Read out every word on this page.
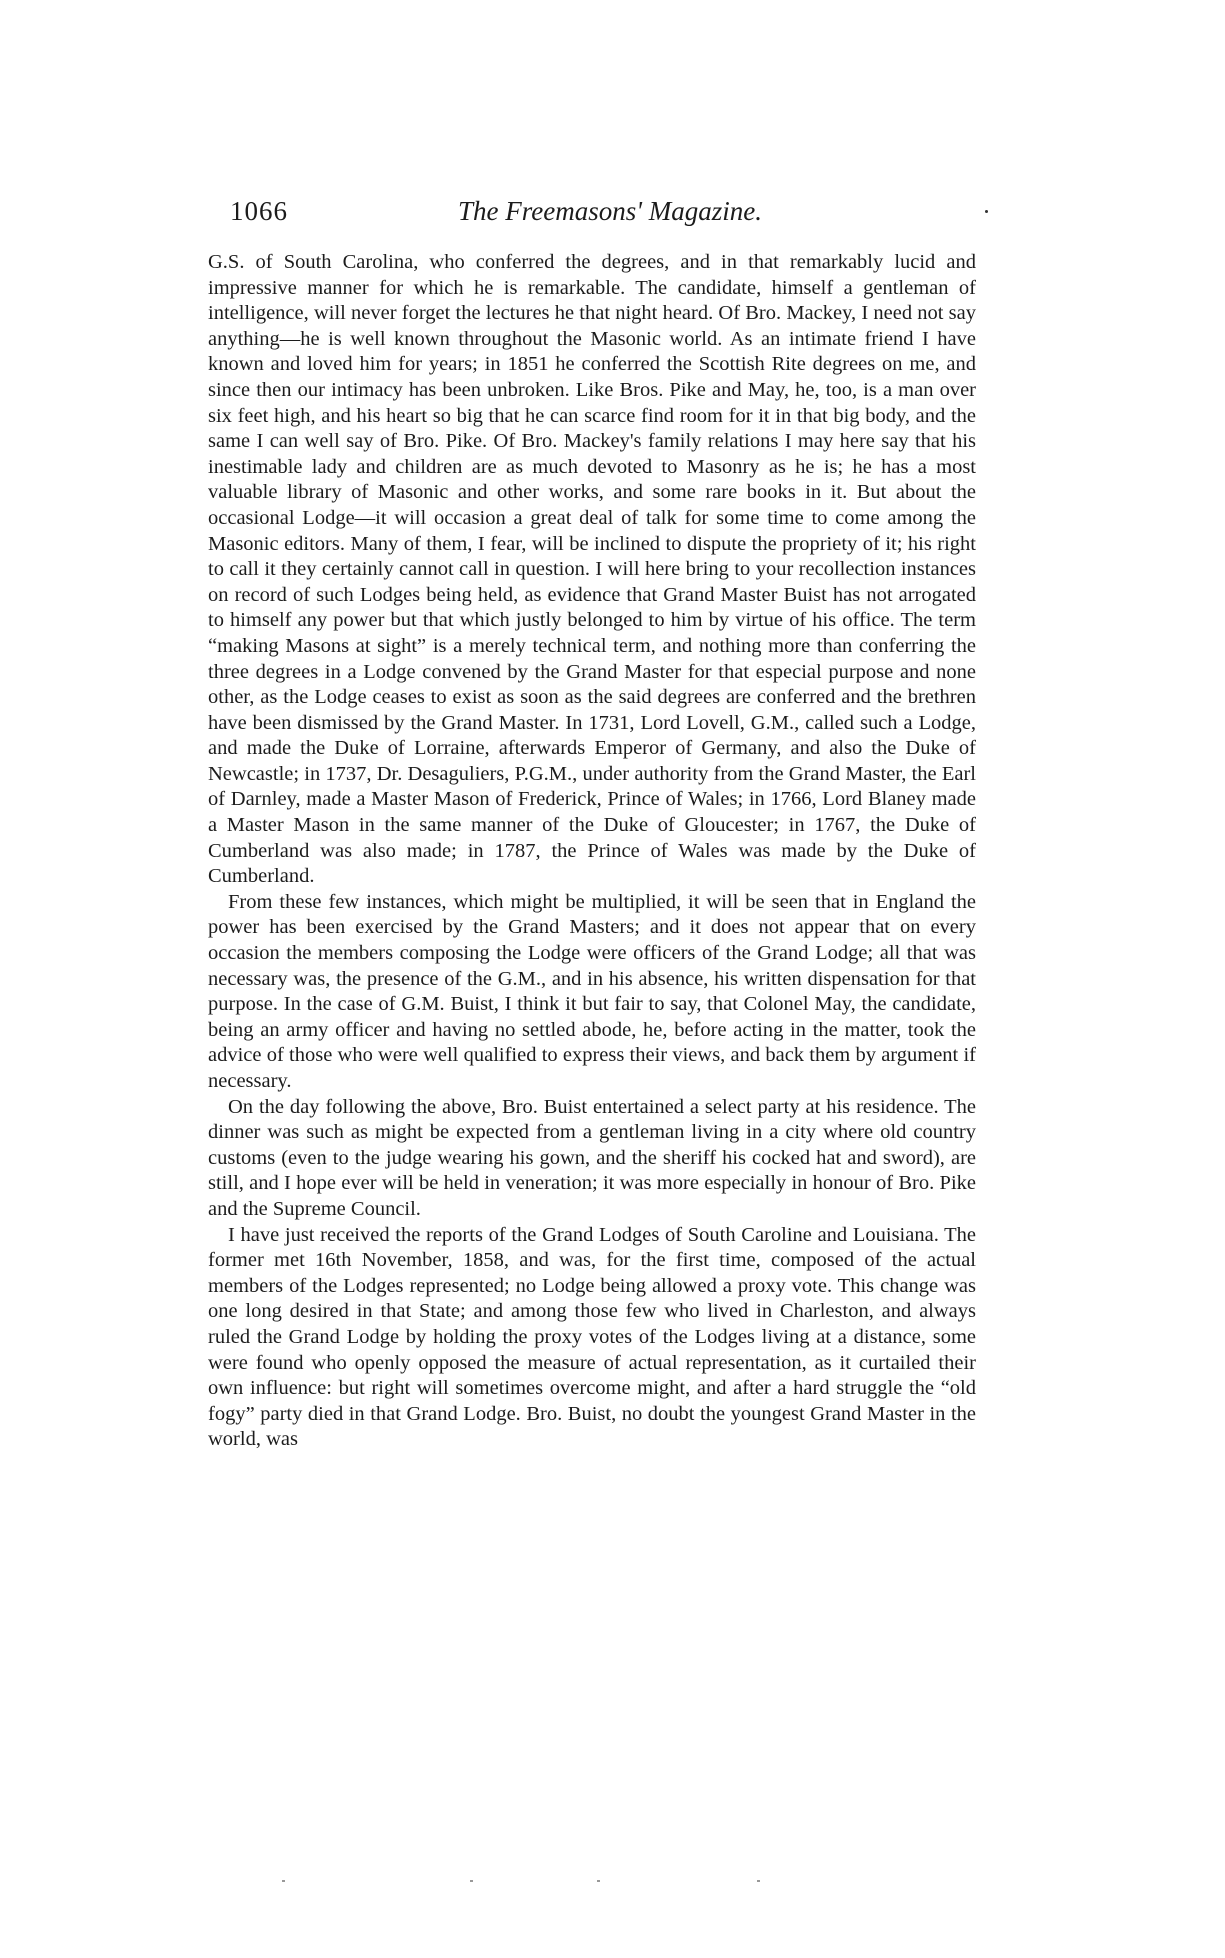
1066	The Freemasons' Magazine.

G.S. of South Carolina, who conferred the degrees, and in that remarkably lucid and impressive manner for which he is remarkable. The candidate, himself a gentleman of intelligence, will never forget the lectures he that night heard. Of Bro. Mackey, I need not say anything—he is well known throughout the Masonic world. As an intimate friend I have known and loved him for years; in 1851 he conferred the Scottish Rite degrees on me, and since then our intimacy has been unbroken. Like Bros. Pike and May, he, too, is a man over six feet high, and his heart so big that he can scarce find room for it in that big body, and the same I can well say of Bro. Pike. Of Bro. Mackey's family relations I may here say that his inestimable lady and children are as much devoted to Masonry as he is; he has a most valuable library of Masonic and other works, and some rare books in it. But about the occasional Lodge—it will occasion a great deal of talk for some time to come among the Masonic editors. Many of them, I fear, will be inclined to dispute the propriety of it; his right to call it they certainly cannot call in question. I will here bring to your recollection instances on record of such Lodges being held, as evidence that Grand Master Buist has not arrogated to himself any power but that which justly belonged to him by virtue of his office. The term “making Masons at sight” is a merely technical term, and nothing more than conferring the three degrees in a Lodge convened by the Grand Master for that especial purpose and none other, as the Lodge ceases to exist as soon as the said degrees are conferred and the brethren have been dismissed by the Grand Master. In 1731, Lord Lovell, G.M., called such a Lodge, and made the Duke of Lorraine, afterwards Emperor of Germany, and also the Duke of Newcastle; in 1737, Dr. Desaguliers, P.G.M., under authority from the Grand Master, the Earl of Darnley, made a Master Mason of Frederick, Prince of Wales; in 1766, Lord Blaney made a Master Mason in the same manner of the Duke of Gloucester; in 1767, the Duke of Cumberland was also made; in 1787, the Prince of Wales was made by the Duke of Cumberland.

From these few instances, which might be multiplied, it will be seen that in England the power has been exercised by the Grand Masters; and it does not appear that on every occasion the members composing the Lodge were officers of the Grand Lodge; all that was necessary was, the presence of the G.M., and in his absence, his written dispensation for that purpose. In the case of G.M. Buist, I think it but fair to say, that Colonel May, the candidate, being an army officer and having no settled abode, he, before acting in the matter, took the advice of those who were well qualified to express their views, and back them by argument if necessary.

On the day following the above, Bro. Buist entertained a select party at his residence. The dinner was such as might be expected from a gentleman living in a city where old country customs (even to the judge wearing his gown, and the sheriff his cocked hat and sword), are still, and I hope ever will be held in veneration; it was more especially in honour of Bro. Pike and the Supreme Council.

I have just received the reports of the Grand Lodges of South Caroline and Louisiana. The former met 16th November, 1858, and was, for the first time, composed of the actual members of the Lodges represented; no Lodge being allowed a proxy vote. This change was one long desired in that State; and among those few who lived in Charleston, and always ruled the Grand Lodge by holding the proxy votes of the Lodges living at a distance, some were found who openly opposed the measure of actual representation, as it curtailed their own influence: but right will sometimes overcome might, and after a hard struggle the “old fogy” party died in that Grand Lodge. Bro. Buist, no doubt the youngest Grand Master in the world, was
